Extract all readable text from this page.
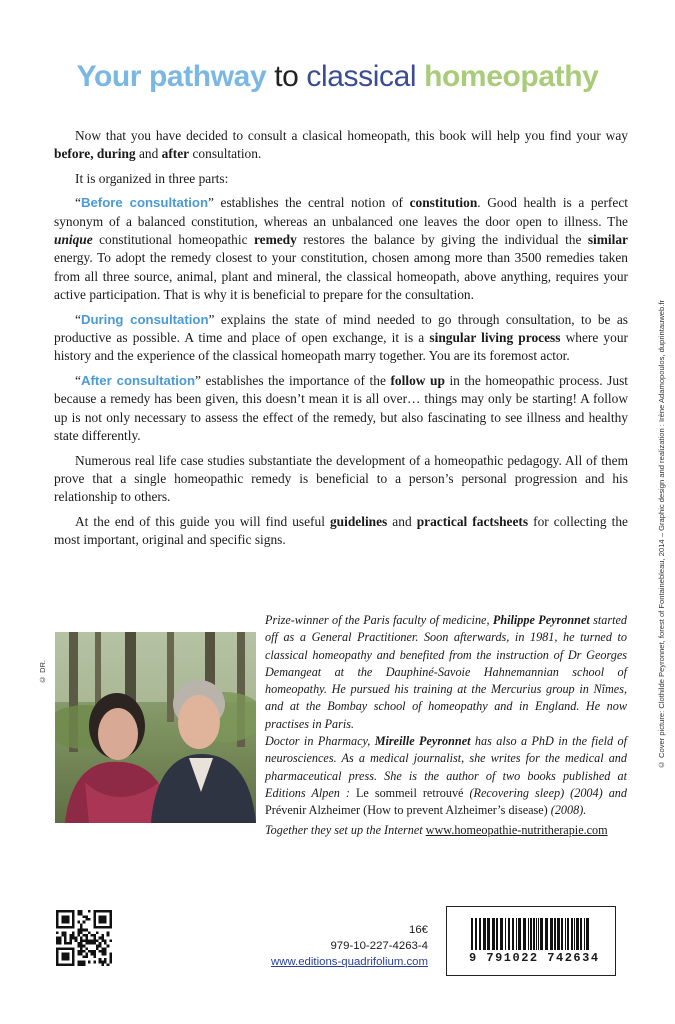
Your pathway to classical homeopathy

Now that you have decided to consult a clasical homeopath, this book will help you find your way before, during and after consultation.

It is organized in three parts:

“Before consultation” establishes the central notion of constitution. Good health is a perfect synonym of a balanced constitution, whereas an unbalanced one leaves the door open to illness. The unique constitutional homeopathic remedy restores the balance by giving the individual the similar energy. To adopt the remedy closest to your constitution, chosen among more than 3500 remedies taken from all three source, animal, plant and mineral, the classical homeopath, above anything, requires your active participation. That is why it is beneficial to prepare for the consultation.

“During consultation” explains the state of mind needed to go through consultation, to be as productive as possible. A time and place of open exchange, it is a singular living process where your history and the experience of the classical homeopath marry together. You are its foremost actor.

“After consultation” establishes the importance of the follow up in the homeopathic process. Just because a remedy has been given, this doesn’t mean it is all over… things may only be starting! A follow up is not only necessary to assess the effect of the remedy, but also fascinating to see illness and healthy state differently.

Numerous real life case studies substantiate the development of a homeopathic pedagogy. All of them prove that a single homeopathic remedy is beneficial to a person’s personal progression and his relationship to others.

At the end of this guide you will find useful guidelines and practical factsheets for collecting the most important, original and specific signs.	© Cover picture: Clothilde Peyronnet, forest of Fontainebleau, 2014 – Graphic design and realization : Irène Adamopoulos, duprintauweb.fr
© DR.

Prize-winner of the Paris faculty of medicine, Philippe Peyronnet started off as a General Practitioner. Soon afterwards, in 1981, he turned to classical homeopathy and benefited from the instruction of Dr Georges Demangeat at the Dauphiné-Savoie Hahnemannian school of homeopathy. He pursued his training at the Mercurius group in Nîmes, and at the Bombay school of homeopathy and in England. He now practises in Paris.

Doctor in Pharmacy, Mireille Peyronnet has also a PhD in the field of neurosciences. As a medical journalist, she writes for the medical and pharmaceutical press. She is the author of two books published at Editions Alpen : Le sommeil retrouvé (Recovering sleep) (2004) and Prévenir Alzheimer (How to prevent Alzheimer’s disease) (2008).

Together they set up the Internet www.homeopathie-nutritherapie.com

16€
979-10-227-4263-4
www.editions-quadrifolium.com	9 791022 742634
